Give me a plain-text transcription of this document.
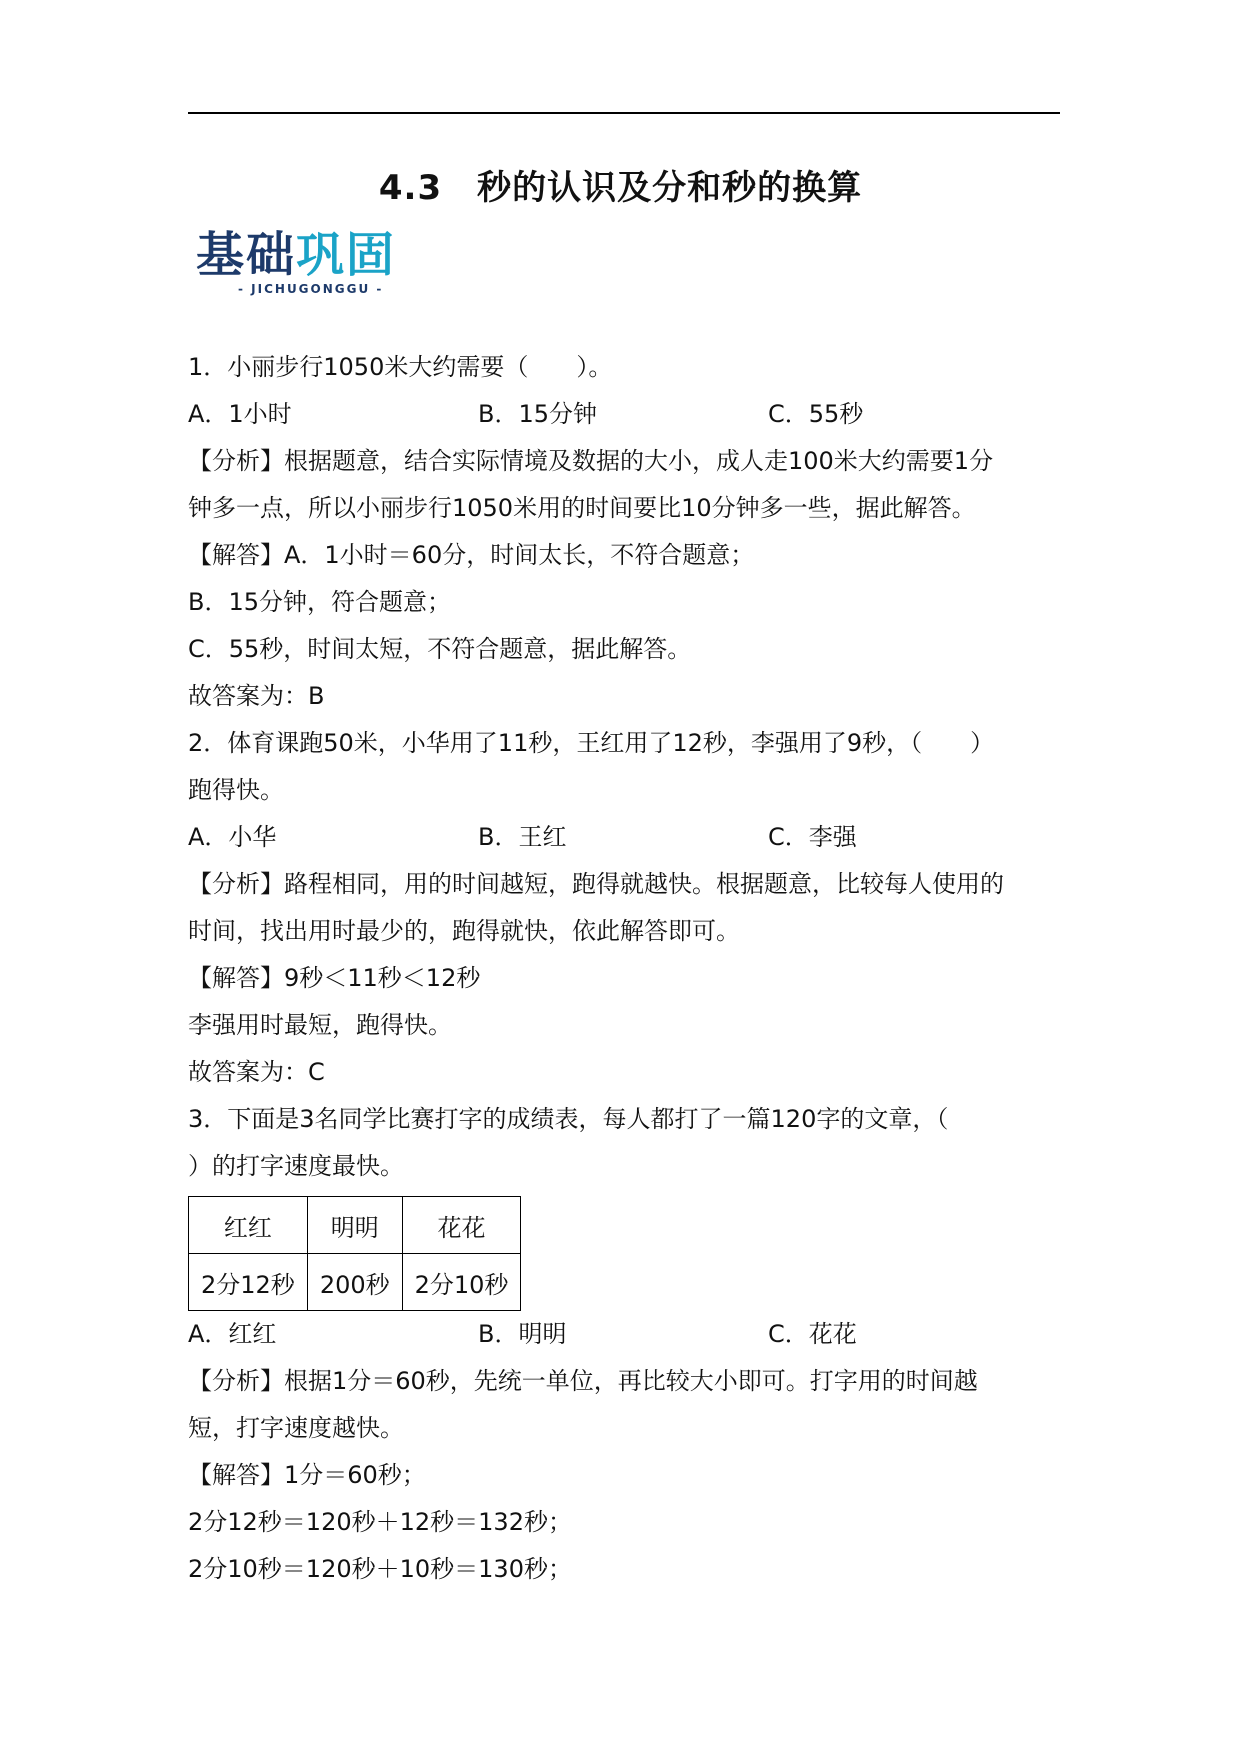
4.3　秒的认识及分和秒的换算
基础巩固
- JICHUGONGGU -
1．小丽步行1050米大约需要（　　）。
A．1小时	B．15分钟	C．55秒
【分析】根据题意，结合实际情境及数据的大小，成人走100米大约需要1分
钟多一点，所以小丽步行1050米用的时间要比10分钟多一些，据此解答。
【解答】A．1小时＝60分，时间太长，不符合题意；
B．15分钟，符合题意；
C．55秒，时间太短，不符合题意，据此解答。
故答案为：B
2．体育课跑50米，小华用了11秒，王红用了12秒，李强用了9秒，（　　）
跑得快。
A．小华	B．王红	C．李强
【分析】路程相同，用的时间越短，跑得就越快。根据题意，比较每人使用的
时间，找出用时最少的，跑得就快，依此解答即可。
【解答】9秒＜11秒＜12秒
李强用时最短，跑得快。
故答案为：C
3．下面是3名同学比赛打字的成绩表，每人都打了一篇120字的文章，（
）的打字速度最快。
红红	明明	花花
2分12秒	200秒	2分10秒
A．红红	B．明明	C．花花
【分析】根据1分＝60秒，先统一单位，再比较大小即可。打字用的时间越
短，打字速度越快。
【解答】1分＝60秒；
2分12秒＝120秒＋12秒＝132秒；
2分10秒＝120秒＋10秒＝130秒；
